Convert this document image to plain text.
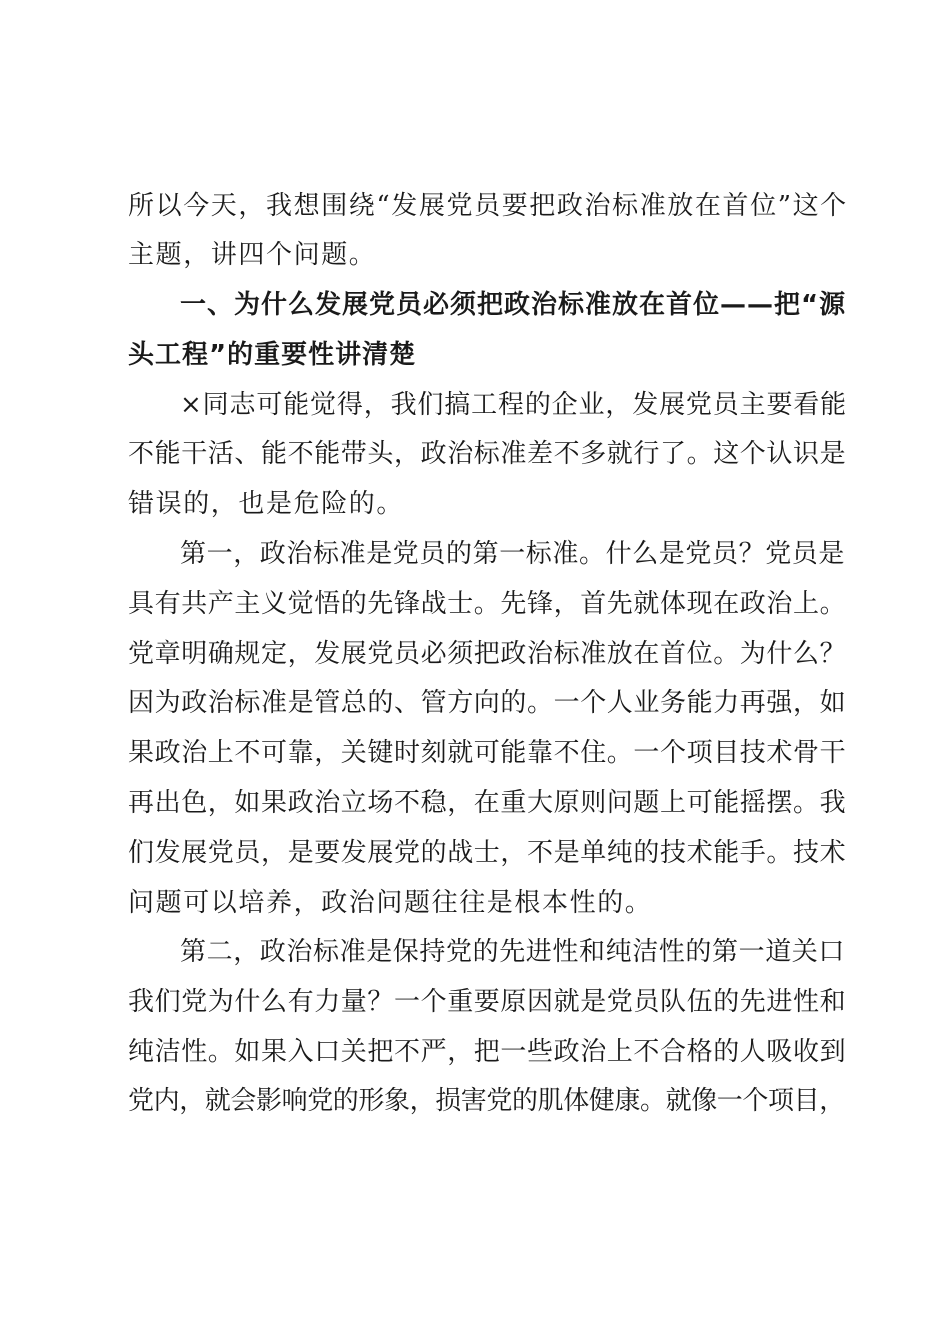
所以今天，我想围绕“发展党员要把政治标准放在首位”这个
主题，讲四个问题。
一、为什么发展党员必须把政治标准放在首位——把“源
头工程”的重要性讲清楚
×同志可能觉得，我们搞工程的企业，发展党员主要看能
不能干活、能不能带头，政治标准差不多就行了。这个认识是
错误的，也是危险的。
第一，政治标准是党员的第一标准。什么是党员？党员是
具有共产主义觉悟的先锋战士。先锋，首先就体现在政治上。
党章明确规定，发展党员必须把政治标准放在首位。为什么？
因为政治标准是管总的、管方向的。一个人业务能力再强，如
果政治上不可靠，关键时刻就可能靠不住。一个项目技术骨干
再出色，如果政治立场不稳，在重大原则问题上可能摇摆。我
们发展党员，是要发展党的战士，不是单纯的技术能手。技术
问题可以培养，政治问题往往是根本性的。
第二，政治标准是保持党的先进性和纯洁性的第一道关口
我们党为什么有力量？一个重要原因就是党员队伍的先进性和
纯洁性。如果入口关把不严，把一些政治上不合格的人吸收到
党内，就会影响党的形象，损害党的肌体健康。就像一个项目，
